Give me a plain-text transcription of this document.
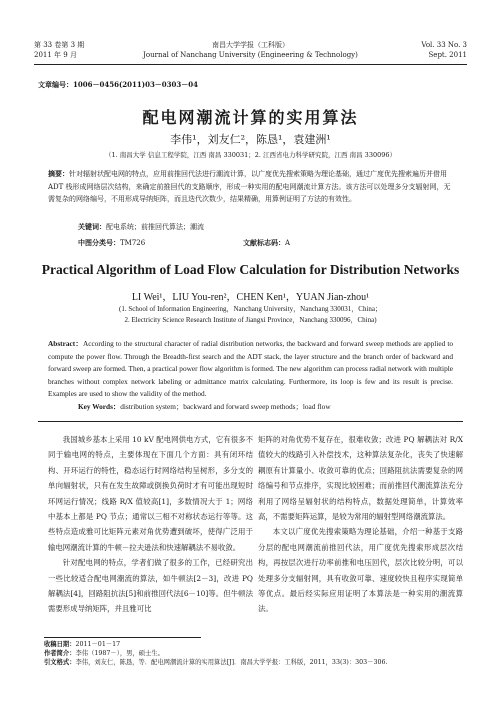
第 33 卷第 3 期
2011 年 9 月
南昌大学学报（工科版）
Journal of Nanchang University (Engineering & Technology)
Vol. 33 No. 3
Sept. 2011
文章编号：1006－0456(2011)03－0303－04
配电网潮流计算的实用算法
李伟¹，刘友仁²，陈恳¹，袁建洲¹
（1. 南昌大学 信息工程学院，江西 南昌 330031；2. 江西省电力科学研究院，江西 南昌 330096）
摘要：针对辐射状配电网的特点，应用前推回代法进行潮流计算，以广度优先搜索策略为理论基础，通过广度优先搜索遍历并借用 ADT 栈形成网络层次结构，来确定前推回代的支路顺序，形成一种实用的配电网潮流计算方法。该方法可以处理多分支辐射网，无需复杂的网络编号，不用形成导纳矩阵，而且迭代次数少，结果精确，用算例证明了方法的有效性。
关键词：配电系统；前推回代算法；潮流
中图分类号：TM726	文献标志码：A
Practical Algorithm of Load Flow Calculation for Distribution Networks
LI Wei¹，LIU You-ren²，CHEN Ken¹，YUAN Jian-zhou¹
(1. School of Information Engineering，Nanchang University，Nanchang 330031，China；
2. Electricity Science Research Institute of Jiangxi Province，Nanchang 330096，China)
Abstract：According to the structural character of radial distribution networks, the backward and forward sweep methods are applied to compute the power flow. Through the Breadth-first search and the ADT stack, the layer structure and the branch order of backward and forward sweep are formed. Then, a practical power flow algorithm is formed. The new algorithm can process radial network with multiple branches without complex network labeling or admittance matrix calculating. Furthermore, its loop is few and its result is precise. Examples are used to show the validity of the method.
Key Words：distribution system；backward and forward sweep methods；load flow

我国城乡基本上采用 10 kV 配电网供电方式，它有很多不同于输电网的特点，主要体现在下面几个方面：具有闭环结构、开环运行的特性，稳态运行时网络结构呈树形，多分支的单向辐射状，只有在发生故障或倒换负荷时才有可能出现短时环网运行情况；线路 R/X 值较高[1]，多数情况大于 1；网络中基本上都是 PQ 节点；通常以三相不对称状态运行等等。这些特点造成雅可比矩阵元素对角优势遭到破坏，使得广泛用于输电网潮流计算的牛顿－拉夫逊法和快速解耦法不易收敛。

针对配电网的特点，学者们做了很多的工作，已经研究出一些比较适合配电网潮流的算法，如牛顿法[2－3]，改进 PQ 解耦法[4]，回路阻抗法[5]和前推回代法[6－10]等。但牛顿法需要形成导纳矩阵，并且雅可比

矩阵的对角优势不复存在，很难收敛；改进 PQ 解耦法对 R/X 值较大的线路引入补偿技术，这种算法复杂化，丧失了快速解耦原有计算量小、收敛可靠的优点；回路阻抗法需要复杂的网络编号和节点排序，实现比较困难；而前推回代潮流算法充分利用了网络呈辐射状的结构特点，数据处理简单，计算效率高，不需要矩阵运算，是较为常用的辐射型网络潮流算法。

本文以广度优先搜索策略为理论基础，介绍一种基于支路分层的配电网潮流前推回代法，用广度优先搜索形成层次结构，再按层次进行功率前推和电压回代，层次比较分明，可以处理多分支辐射网，具有收敛可靠、速度较快且程序实现简单等优点。最后经实际应用证明了本算法是一种实用的潮流算法。

收稿日期：2011－01－17
作者简介：李伟（1987－），男，硕士生。
引文格式：李伟，刘友仁，陈恳，等．配电网潮流计算的实用算法[J]．南昌大学学报：工科版，2011，33(3)：303－306.
